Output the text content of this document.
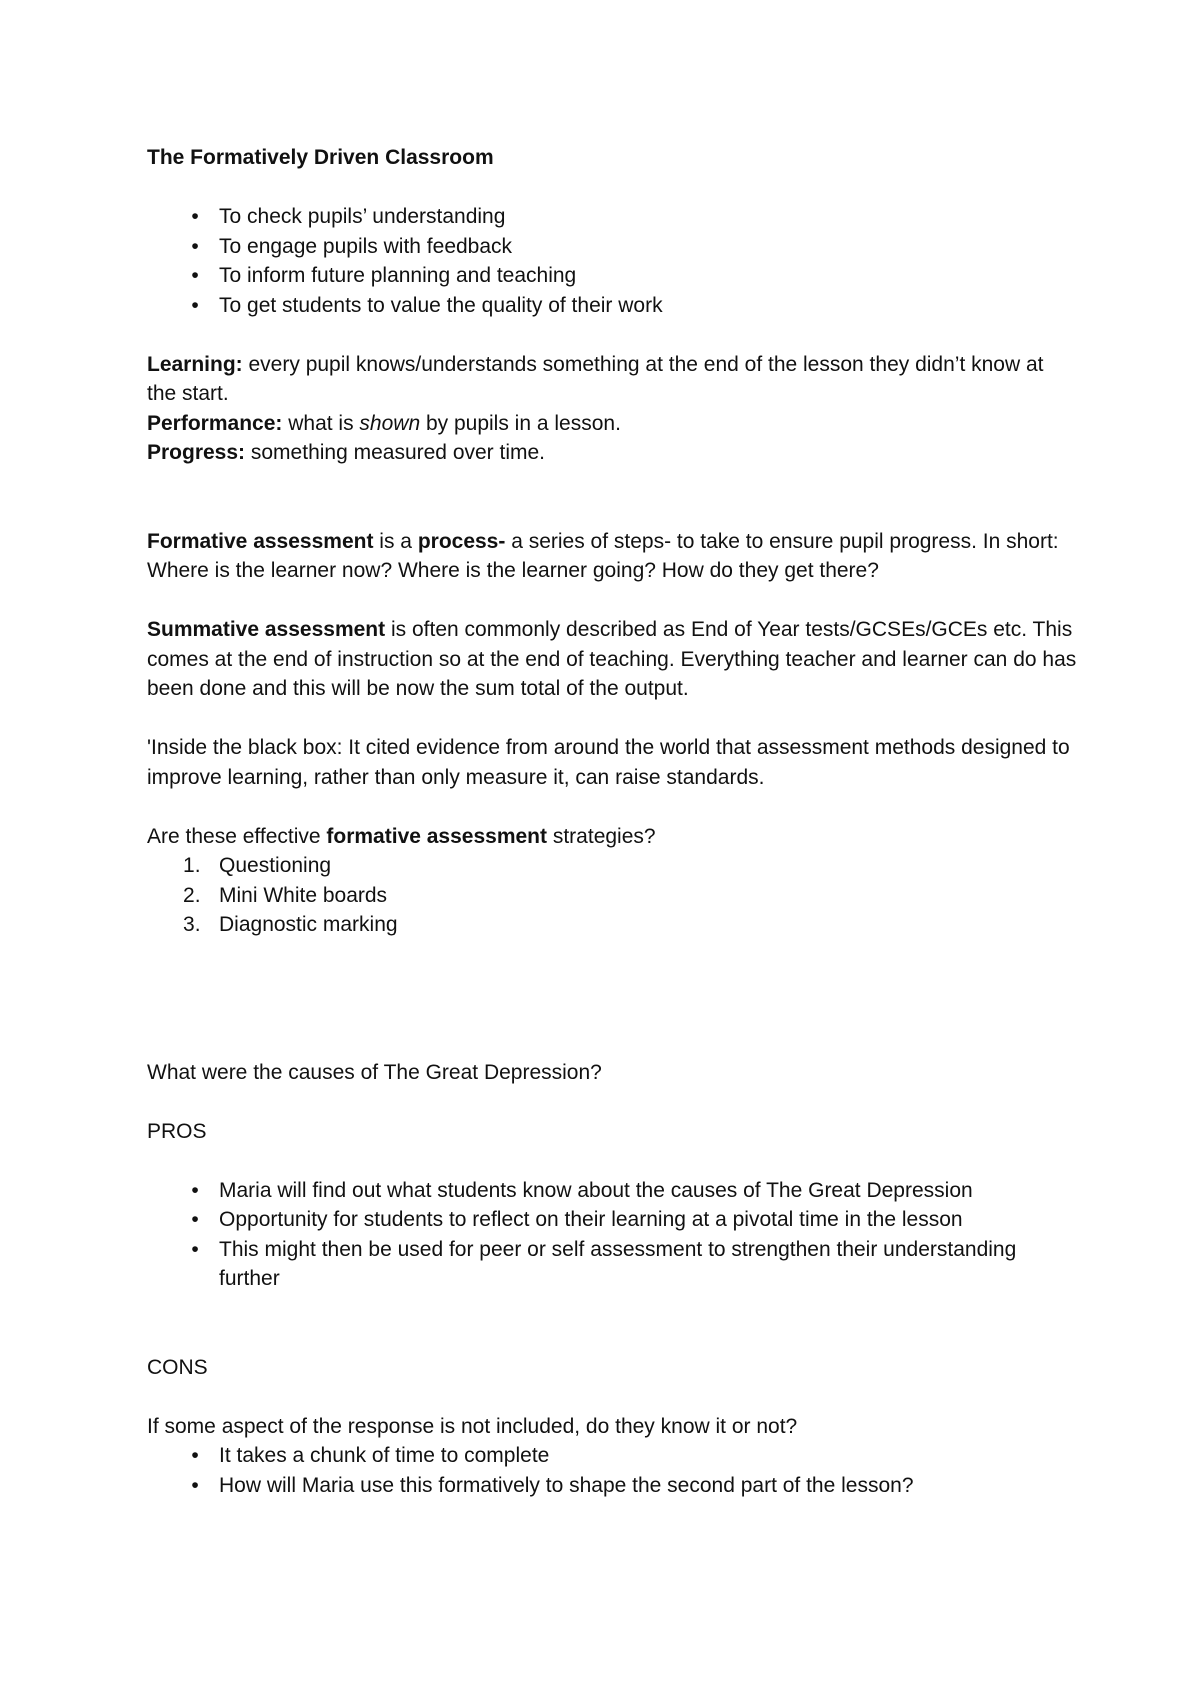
The Formatively Driven Classroom

• To check pupils’ understanding
• To engage pupils with feedback
• To inform future planning and teaching
• To get students to value the quality of their work

Learning: every pupil knows/understands something at the end of the lesson they didn’t know at the start.

Performance: what is shown by pupils in a lesson.

Progress: something measured over time.

Formative assessment is a process- a series of steps- to take to ensure pupil progress. In short: Where is the learner now? Where is the learner going? How do they get there?

Summative assessment is often commonly described as End of Year tests/GCSEs/GCEs etc. This comes at the end of instruction so at the end of teaching. Everything teacher and learner can do has been done and this will be now the sum total of the output.

'Inside the black box: It cited evidence from around the world that assessment methods designed to improve learning, rather than only measure it, can raise standards.

Are these effective formative assessment strategies?

1. Questioning
2. Mini White boards
3. Diagnostic marking

What were the causes of The Great Depression?

PROS

• Maria will find out what students know about the causes of The Great Depression
• Opportunity for students to reflect on their learning at a pivotal time in the lesson
• This might then be used for peer or self assessment to strengthen their understanding further

CONS

If some aspect of the response is not included, do they know it or not?

• It takes a chunk of time to complete
• How will Maria use this formatively to shape the second part of the lesson?
